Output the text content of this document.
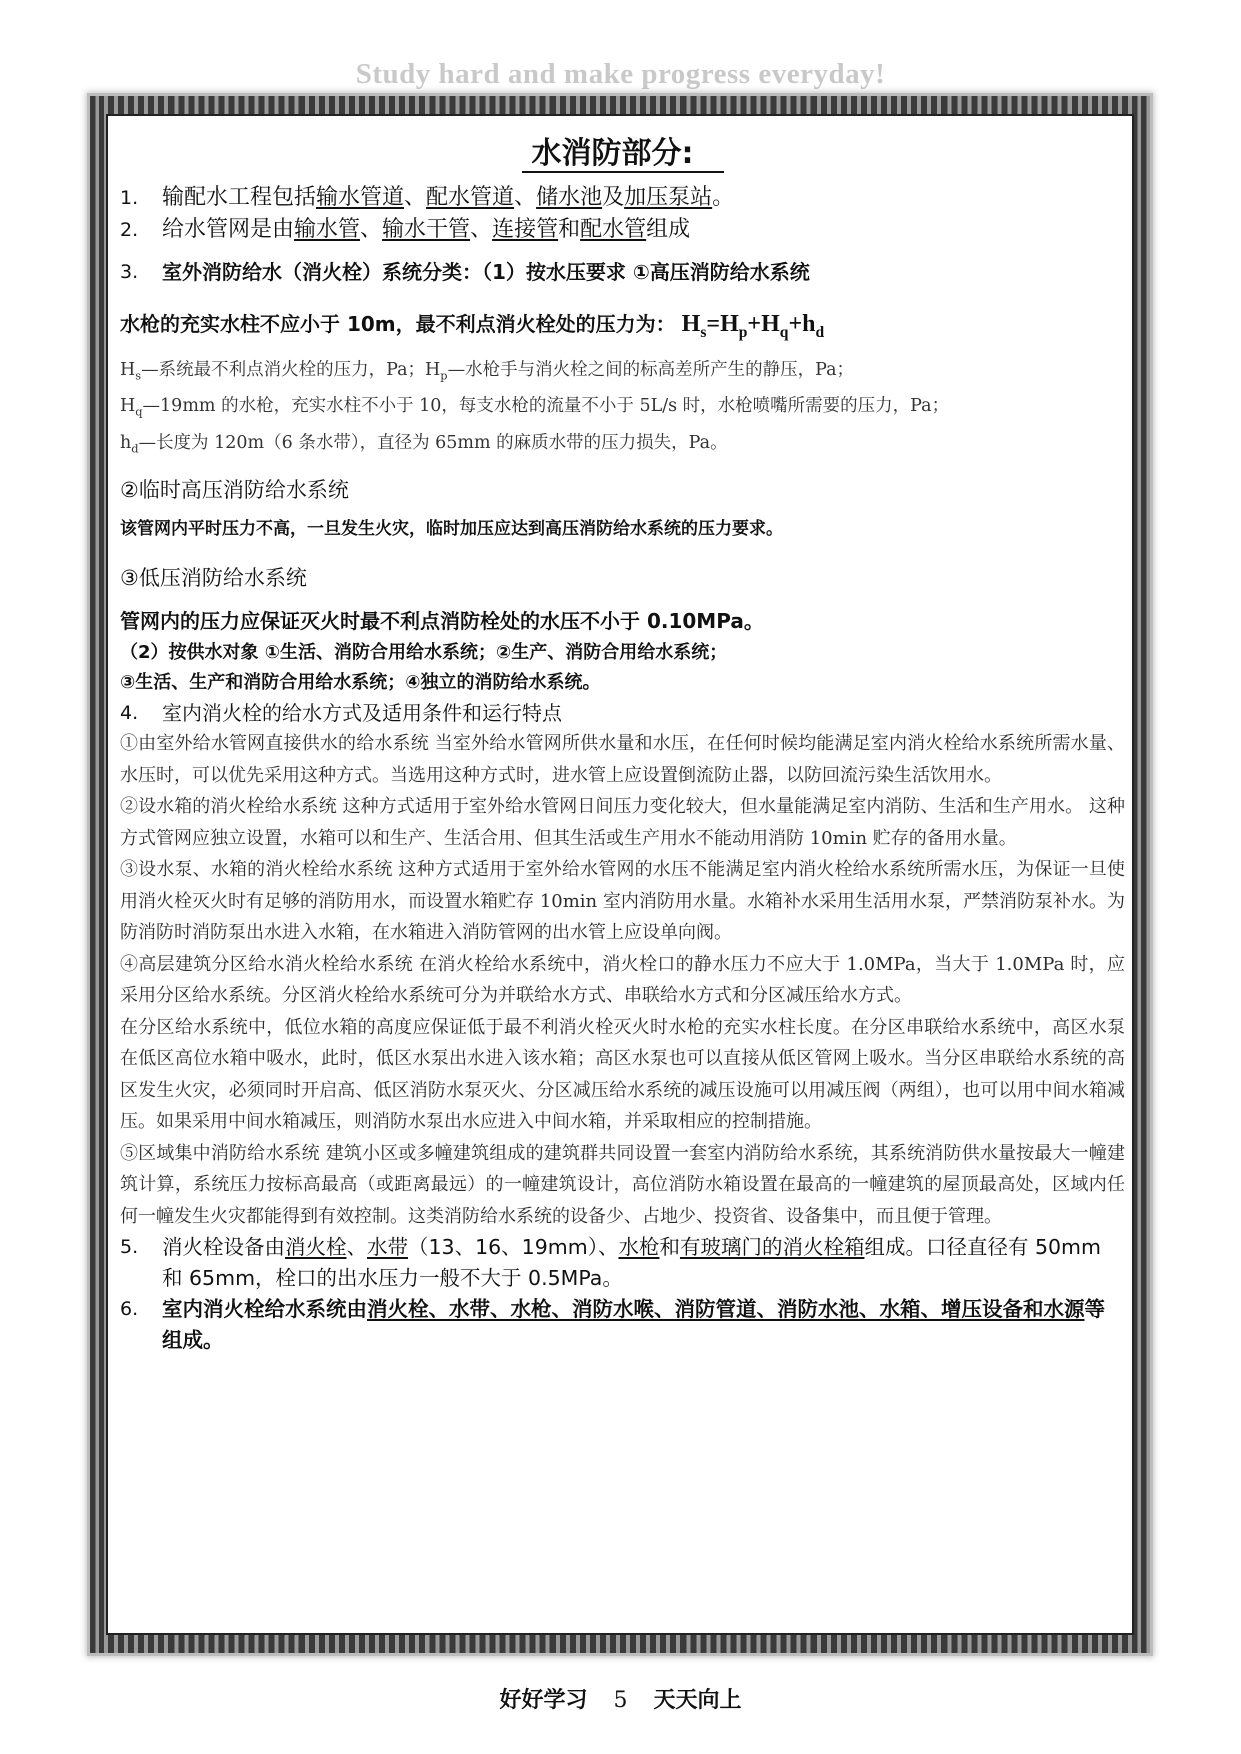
Study hard and make progress everyday!
水消防部分:
1.	输配水工程包括输水管道、配水管道、储水池及加压泵站。
2.	给水管网是由输水管、输水干管、连接管和配水管组成
3.	室外消防给水（消火栓）系统分类：（1）按水压要求 ①高压消防给水系统
水枪的充实水柱不应小于 10m，最不利点消火栓处的压力为： $H_s=H_p+H_q+h_d$
$H_s—$系统最不利点消火栓的压力，Pa；$H_p—$水枪手与消火栓之间的标高差所产生的静压，Pa；
$H_q—19mm$ 的水枪，充实水柱不小于 10，每支水枪的流量不小于 5L/s 时，水枪喷嘴所需要的压力，Pa；
$h_d—$长度为 120m（6 条水带），直径为 65mm 的麻质水带的压力损失，Pa。
②临时高压消防给水系统
该管网内平时压力不高，一旦发生火灾，临时加压应达到高压消防给水系统的压力要求。
③低压消防给水系统
管网内的压力应保证灭火时最不利点消防栓处的水压不小于 0.10MPa。
（2）按供水对象 ①生活、消防合用给水系统；②生产、消防合用给水系统；
③生活、生产和消防合用给水系统；④独立的消防给水系统。
4.	室内消火栓的给水方式及适用条件和运行特点

①由室外给水管网直接供水的给水系统 当室外给水管网所供水量和水压，在任何时候均能满足室内消火栓给水系统所需水量、水压时，可以优先采用这种方式。当选用这种方式时，进水管上应设置倒流防止器，以防回流污染生活饮用水。

②设水箱的消火栓给水系统 这种方式适用于室外给水管网日间压力变化较大，但水量能满足室内消防、生活和生产用水。 这种方式管网应独立设置，水箱可以和生产、生活合用、但其生活或生产用水不能动用消防 10min 贮存的备用水量。

③设水泵、水箱的消火栓给水系统 这种方式适用于室外给水管网的水压不能满足室内消火栓给水系统所需水压，为保证一旦使用消火栓灭火时有足够的消防用水，而设置水箱贮存 10min 室内消防用水量。水箱补水采用生活用水泵，严禁消防泵补水。为防消防时消防泵出水进入水箱，在水箱进入消防管网的出水管上应设单向阀。

④高层建筑分区给水消火栓给水系统 在消火栓给水系统中，消火栓口的静水压力不应大于 1.0MPa，当大于 1.0MPa 时，应采用分区给水系统。分区消火栓给水系统可分为并联给水方式、串联给水方式和分区减压给水方式。

在分区给水系统中，低位水箱的高度应保证低于最不利消火栓灭火时水枪的充实水柱长度。在分区串联给水系统中，高区水泵在低区高位水箱中吸水，此时，低区水泵出水进入该水箱；高区水泵也可以直接从低区管网上吸水。当分区串联给水系统的高区发生火灾，必须同时开启高、低区消防水泵灭火、分区减压给水系统的减压设施可以用减压阀（两组），也可以用中间水箱减压。如果采用中间水箱减压，则消防水泵出水应进入中间水箱，并采取相应的控制措施。

⑤区域集中消防给水系统 建筑小区或多幢建筑组成的建筑群共同设置一套室内消防给水系统，其系统消防供水量按最大一幢建筑计算，系统压力按标高最高（或距离最远）的一幢建筑设计，高位消防水箱设置在最高的一幢建筑的屋顶最高处，区域内任何一幢发生火灾都能得到有效控制。这类消防给水系统的设备少、占地少、投资省、设备集中，而且便于管理。

5.	消火栓设备由消火栓、水带（13、16、19mm）、水枪和有玻璃门的消火栓箱组成。口径直径有 50mm 和 65mm，栓口的出水压力一般不大于 0.5MPa。
6.	室内消火栓给水系统由消火栓、水带、水枪、消防水喉、消防管道、消防水池、水箱、增压设备和水源等组成。
好好学习 5 天天向上
